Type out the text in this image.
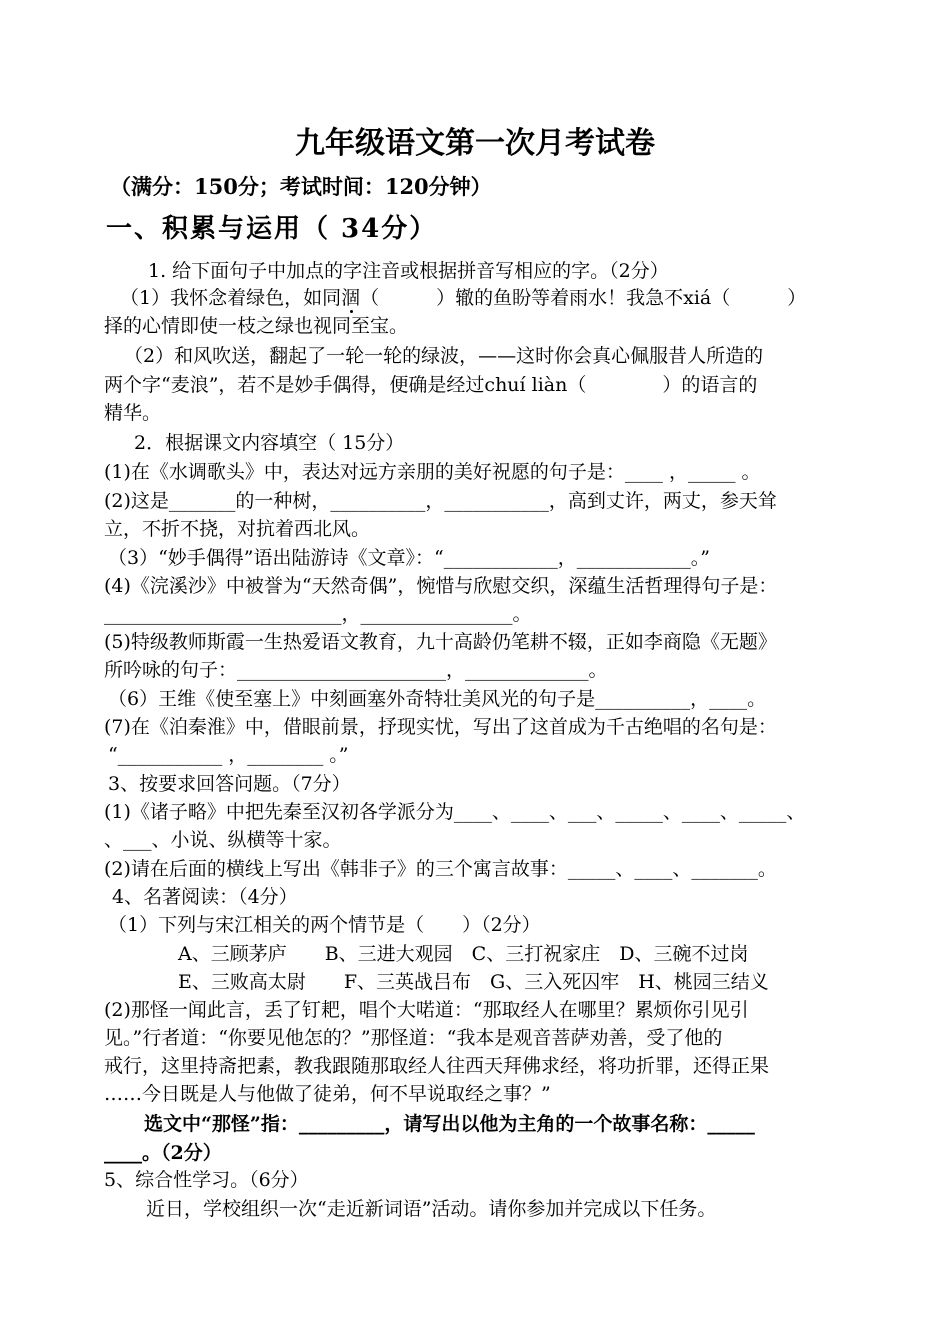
九年级语文第一次月考试卷
（满分：150分；考试时间：120分钟）
一、积累与运用（ 34分）
1. 给下面句子中加点的字注音或根据拼音写相应的字。（2分）
（1）我怀念着绿色，如同涸（　　　）辙的鱼盼等着雨水！我急不xiá（　　　）
择的心情即使一枝之绿也视同至宝。
（2）和风吹送，翻起了一轮一轮的绿波，——这时你会真心佩服昔人所造的
两个字“麦浪”，若不是妙手偶得，便确是经过chuí liàn（　　　　）的语言的
精华。
2．根据课文内容填空（ 15分）
(1)在《水调歌头》中，表达对远方亲朋的美好祝愿的句子是：____ ，_____ 。
(2)这是_______的一种树，__________，___________，高到丈许，两丈，参天耸
立，不折不挠，对抗着西北风。
（3）“妙手偶得”语出陆游诗《文章》：“____________，____________。”
(4)《浣溪沙》中被誉为“天然奇偶”，惋惜与欣慰交织，深蕴生活哲理得句子是：
_________________________，________________。
(5)特级教师斯霞一生热爱语文教育，九十高龄仍笔耕不辍，正如李商隐《无题》
所吟咏的句子：______________________，_____________。
（6）王维《使至塞上》中刻画塞外奇特壮美风光的句子是__________，____。
(7)在《泊秦淮》中，借眼前景，抒现实忧，写出了这首成为千古绝唱的名句是：
“___________ ，________ 。”
3、按要求回答问题。（7分）
(1)《诸子略》中把先秦至汉初各学派分为____、____、___、_____、____、_____、
、___、小说、纵横等十家。
(2)请在后面的横线上写出《韩非子》的三个寓言故事：_____、____、_______。
4、名著阅读：（4分）
（1）下列与宋江相关的两个情节是（　　）（2分）
A、三顾茅庐　　B、三进大观园　C、三打祝家庄　D、三碗不过岗
E、三败高太尉　　F、三英战吕布　G、三入死囚牢　H、桃园三结义
(2)那怪一闻此言，丢了钉耙，唱个大喏道：“那取经人在哪里？累烦你引见引
见。”行者道：“你要见他怎的？”那怪道：“我本是观音菩萨劝善，受了他的
戒行，这里持斋把素，教我跟随那取经人往西天拜佛求经，将功折罪，还得正果
……今日既是人与他做了徒弟，何不早说取经之事？”
选文中“那怪”指：_________，请写出以他为主角的一个故事名称：_____
____。（2分）
5、综合性学习。（6分）
近日，学校组织一次“走近新词语”活动。请你参加并完成以下任务。
